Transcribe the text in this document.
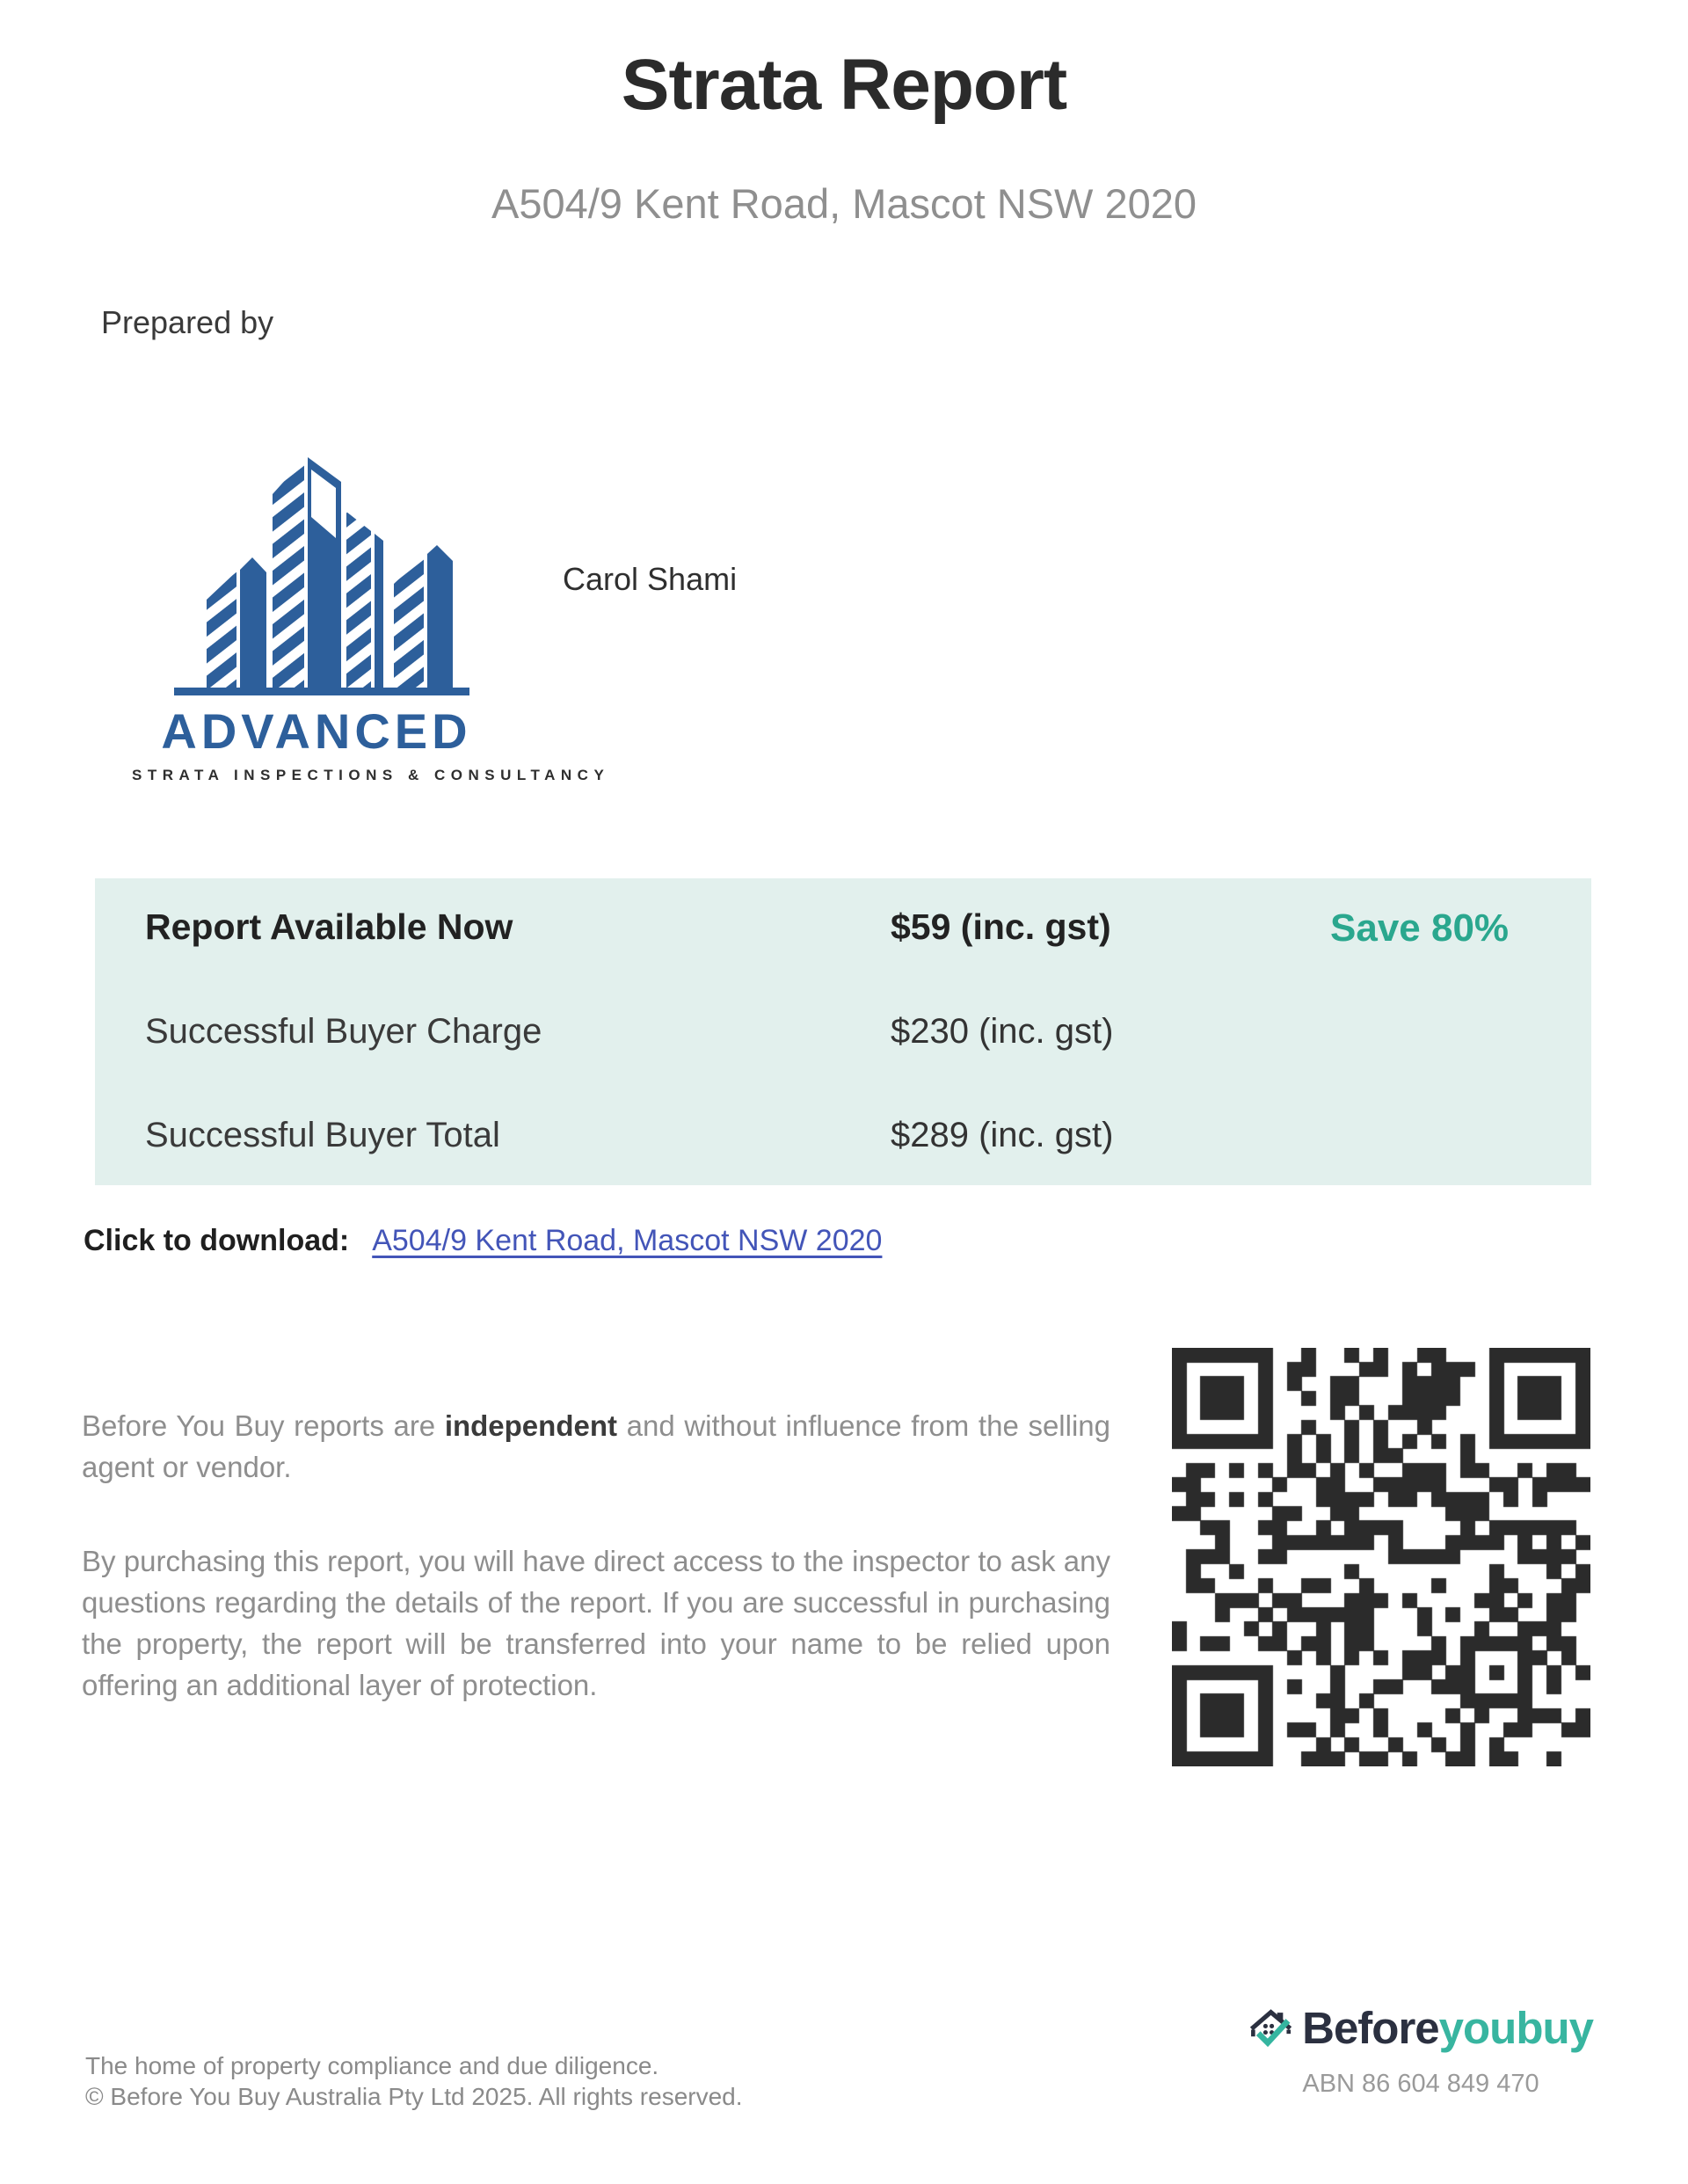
Strata Report
A504/9 Kent Road, Mascot NSW 2020
Prepared by
ADVANCED
STRATA INSPECTIONS & CONSULTANCY
Carol Shami
Report Available Now	$59 (inc. gst)	Save 80%
Successful Buyer Charge	$230 (inc. gst)
Successful Buyer Total	$289 (inc. gst)
Click to download: A504/9 Kent Road, Mascot NSW 2020
Before You Buy reports are independent and without influence from the selling agent or vendor.
By purchasing this report, you will have direct access to the inspector to ask any questions regarding the details of the report. If you are successful in purchasing the property, the report will be transferred into your name to be relied upon offering an additional layer of protection.
The home of property compliance and due diligence.
© Before You Buy Australia Pty Ltd 2025. All rights reserved.
Beforeyoubuy
ABN 86 604 849 470
